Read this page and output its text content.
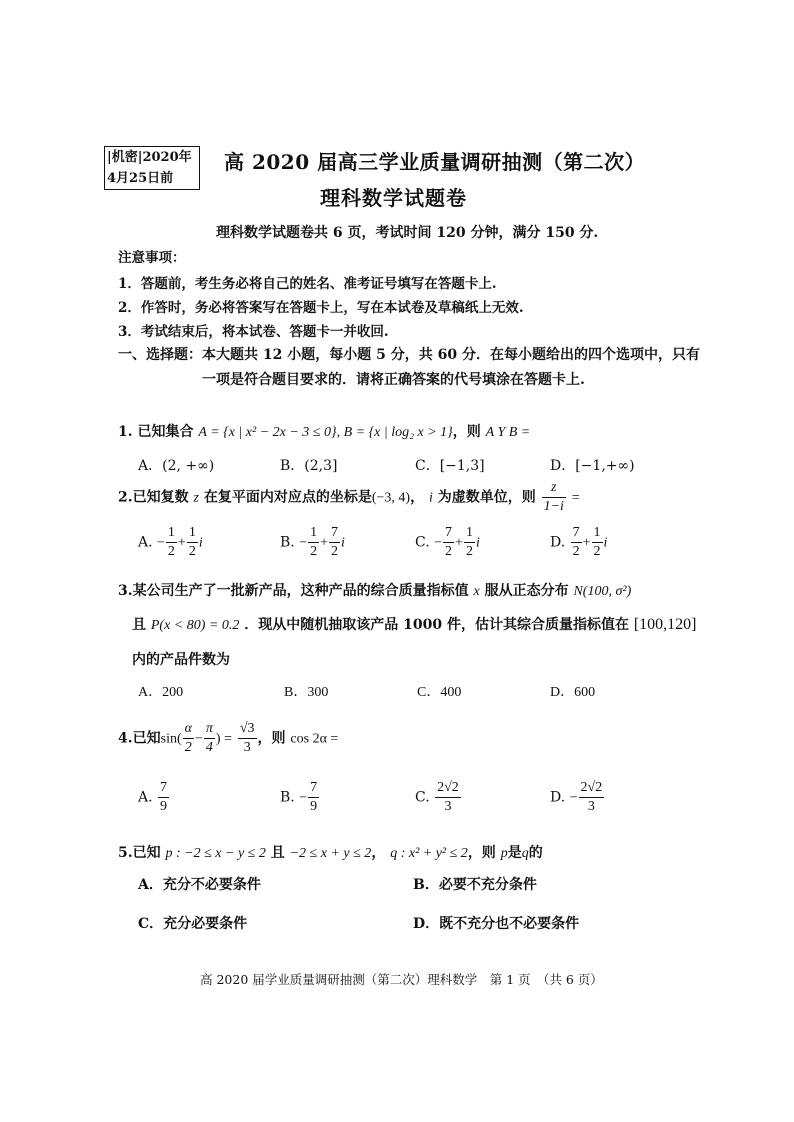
|机密|2020年
4月25日前
高 2020 届高三学业质量调研抽测（第二次）
理科数学试题卷
理科数学试题卷共 6 页，考试时间 120 分钟，满分 150 分.
注意事项：
1．答题前，考生务必将自己的姓名、准考证号填写在答题卡上.
2．作答时，务必将答案写在答题卡上，写在本试卷及草稿纸上无效.
3．考试结束后，将本试卷、答题卡一并收回.
一、选择题：本大题共 12 小题，每小题 5 分，共 60 分．在每小题给出的四个选项中，只有
一项是符合题目要求的．请将正确答案的代号填涂在答题卡上.
1. 已知集合 A = {x | x² − 2x − 3 ≤ 0}, B = {x | log₂ x > 1}，则 A Y B =
A．(2, +∞)	B．(2,3]	C．[−1,3]	D．[−1,+∞)
2.已知复数 z 在复平面内对应点的坐标是(−3, 4)， i 为虚数单位，则 $\frac{z}{1-i}$ =
A. − $\frac{1}{2} + \frac{1}{2}$ i	B. − $\frac{1}{2} + \frac{7}{2}$ i	C. − $\frac{7}{2} + \frac{1}{2}$ i	D. $\frac{7}{2} + \frac{1}{2}$ i
3.某公司生产了一批新产品，这种产品的综合质量指标值 x 服从正态分布 N(100, σ²)
且 P(x < 80) = 0.2 ．现从中随机抽取该产品 1000 件，估计其综合质量指标值在 [100,120]
内的产品件数为
A．200	B．300	C．400	D．600
4.已知$\sin( \frac{\alpha}{2} - \frac{\pi}{4}$ ) = $\frac{√3}{3}$ ，则 cos 2α =
A. $\frac{7}{9}$	B. − $\frac{7}{9}$	C. $\frac{2√2}{3}$	D. − $\frac{2√2}{3}$
5.已知 p : −2 ≤ x − y ≤ 2 且 −2 ≤ x + y ≤ 2， q : x² + y² ≤ 2，则 p是q的
A．充分不必要条件	B．必要不充分条件
C．充分必要条件	D．既不充分也不必要条件
高 2020 届学业质量调研抽测（第二次）理科数学　第 1 页　（共 6 页）
